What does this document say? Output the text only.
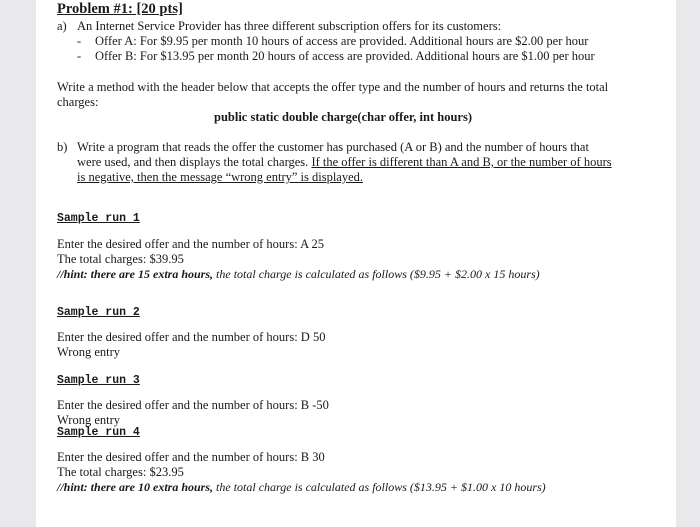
Problem #1: [20 pts]
a) An Internet Service Provider has three different subscription offers for its customers:
- Offer A: For $9.95 per month 10 hours of access are provided. Additional hours are $2.00 per hour
- Offer B: For $13.95 per month 20 hours of access are provided. Additional hours are $1.00 per hour
Write a method with the header below that accepts the offer type and the number of hours and returns the total
charges:
public static double charge(char offer, int hours)
b) Write a program that reads the offer the customer has purchased (A or B) and the number of hours that
were used, and then displays the total charges. If the offer is different than A and B, or the number of hours
is negative, then the message “wrong entry” is displayed.
Sample run 1
Enter the desired offer and the number of hours: A 25
The total charges: $39.95
//hint: there are 15 extra hours, the total charge is calculated as follows ($9.95 + $2.00 x 15 hours)
Sample run 2
Enter the desired offer and the number of hours: D 50
Wrong entry
Sample run 3
Enter the desired offer and the number of hours: B -50
Wrong entry
Sample run 4
Enter the desired offer and the number of hours: B 30
The total charges: $23.95
//hint: there are 10 extra hours, the total charge is calculated as follows ($13.95 + $1.00 x 10 hours)
